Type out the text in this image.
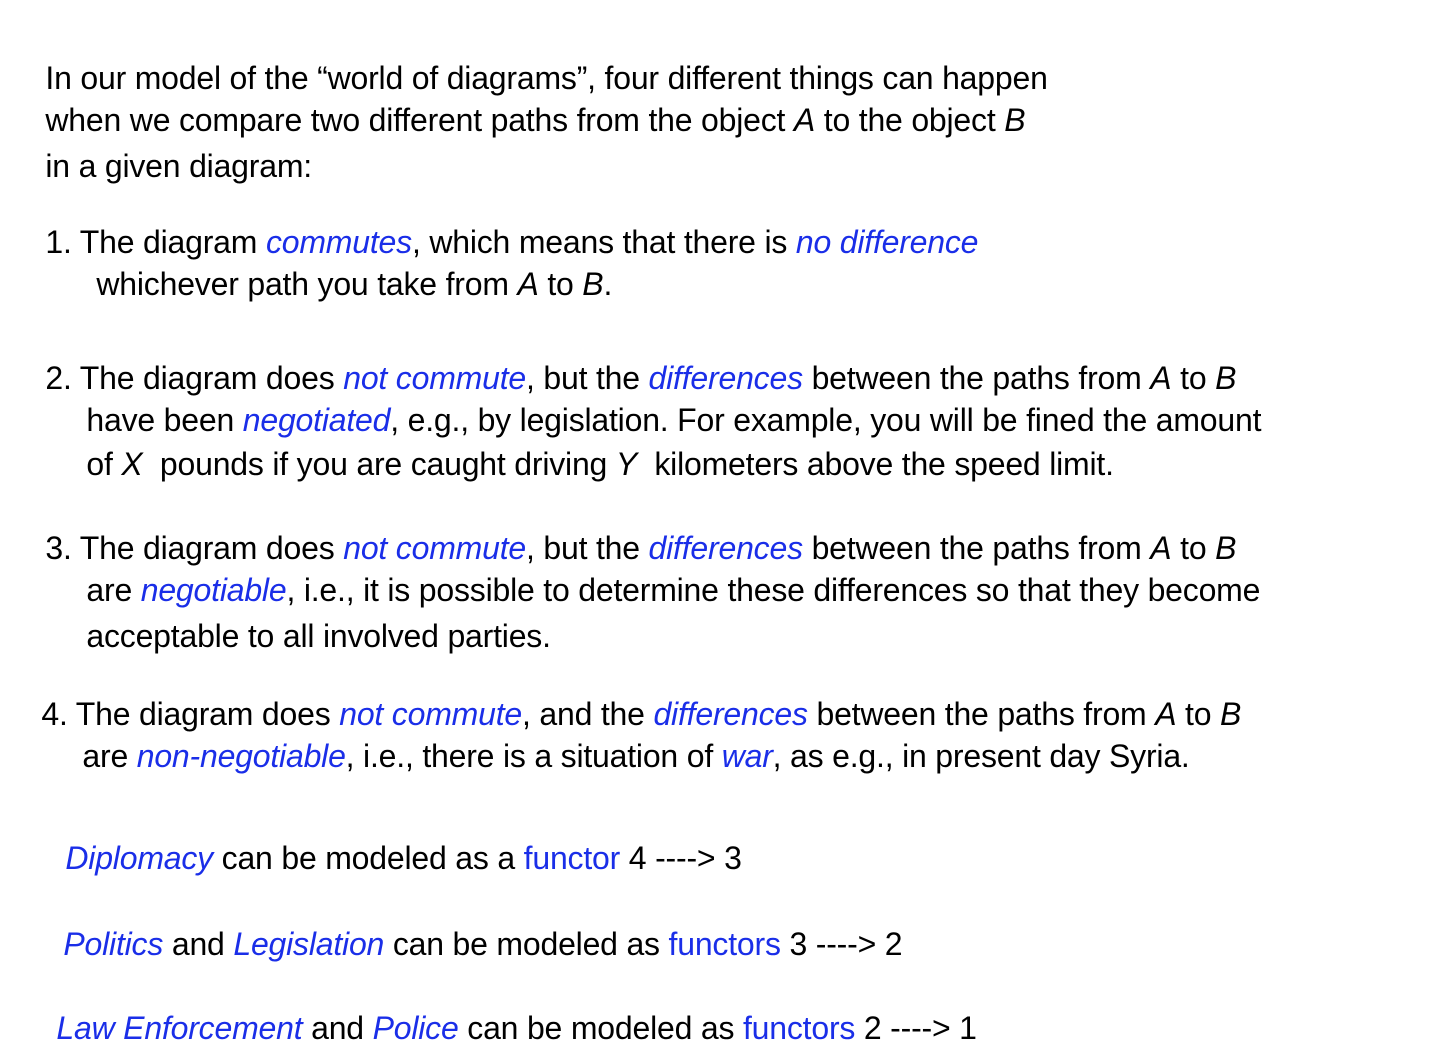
In our model of the “world of diagrams”, four different things can happen

when we compare two different paths from the object A to the object B

in a given diagram:

1. The diagram commutes, which means that there is no difference

whichever path you take from A to B.

2. The diagram does not commute, but the differences between the paths from A to B

have been negotiated, e.g., by legislation. For example, you will be fined the amount

of X  pounds if you are caught driving Y  kilometers above the speed limit.

3. The diagram does not commute, but the differences between the paths from A to B

are negotiable, i.e., it is possible to determine these differences so that they become

acceptable to all involved parties.

4. The diagram does not commute, and the differences between the paths from A to B

are non-negotiable, i.e., there is a situation of war, as e.g., in present day Syria.

Diplomacy can be modeled as a functor 4 ----> 3

Politics and Legislation can be modeled as functors 3 ----> 2

Law Enforcement and Police can be modeled as functors 2 ----> 1
